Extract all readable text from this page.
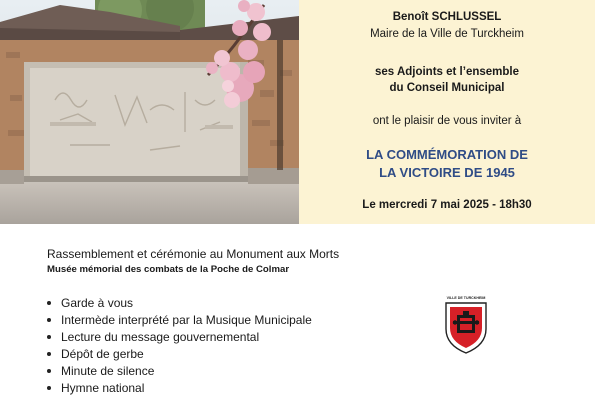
Benoît SCHLUSSEL
Maire de la Ville de Turckheim
ses Adjoints et l’ensemble
du Conseil Municipal
ont le plaisir de vous inviter à
LA COMMÉMORATION DE
LA VICTOIRE DE 1945
Le mercredi 7 mai 2025 - 18h30
Rassemblement et cérémonie au Monument aux Morts
Musée mémorial des combats de la Poche de Colmar
Garde à vous
Intermède interprété par la Musique Municipale
Lecture du message gouvernemental
Dépôt de gerbe
Minute de silence
Hymne national
VILLE DE TURCKHEIM
